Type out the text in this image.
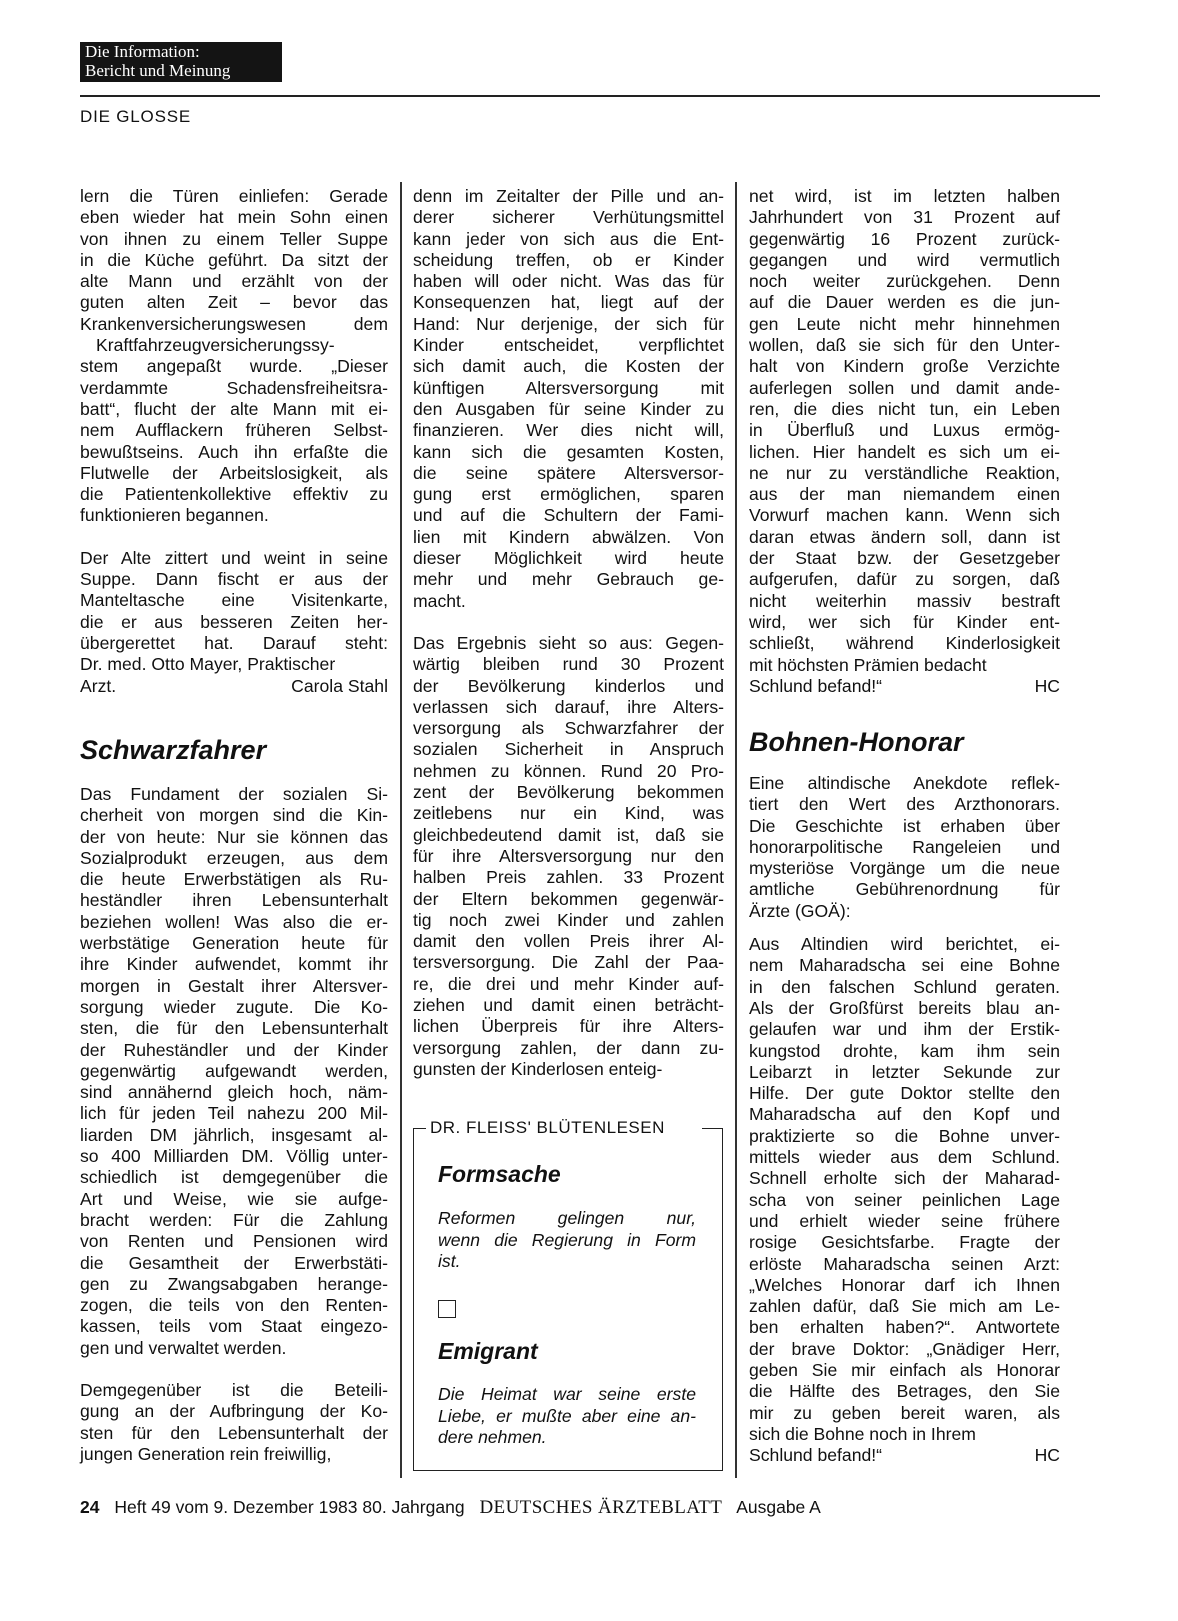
Die Information:
Bericht und Meinung
DIE GLOSSE
lern die Türen einliefen: Gerade
eben wieder hat mein Sohn einen
von ihnen zu einem Teller Suppe
in die Küche geführt. Da sitzt der
alte Mann und erzählt von der
guten alten Zeit – bevor das
Krankenversicherungswesen dem
Kraftfahrzeugversicherungssy-
stem angepaßt wurde. „Dieser
verdammte Schadensfreiheitsra-
batt“, flucht der alte Mann mit ei-
nem Aufflackern früheren Selbst-
bewußtseins. Auch ihn erfaßte die
Flutwelle der Arbeitslosigkeit, als
die Patientenkollektive effektiv zu
funktionieren begannen.
Der Alte zittert und weint in seine
Suppe. Dann fischt er aus der
Manteltasche eine Visitenkarte,
die er aus besseren Zeiten her-
übergerettet hat. Darauf steht:
Dr. med. Otto Mayer, Praktischer
Arzt.	Carola Stahl
Schwarzfahrer
Das Fundament der sozialen Si-
cherheit von morgen sind die Kin-
der von heute: Nur sie können das
Sozialprodukt erzeugen, aus dem
die heute Erwerbstätigen als Ru-
heständler ihren Lebensunterhalt
beziehen wollen! Was also die er-
werbstätige Generation heute für
ihre Kinder aufwendet, kommt ihr
morgen in Gestalt ihrer Altersver-
sorgung wieder zugute. Die Ko-
sten, die für den Lebensunterhalt
der Ruheständler und der Kinder
gegenwärtig aufgewandt werden,
sind annähernd gleich hoch, näm-
lich für jeden Teil nahezu 200 Mil-
liarden DM jährlich, insgesamt al-
so 400 Milliarden DM. Völlig unter-
schiedlich ist demgegenüber die
Art und Weise, wie sie aufge-
bracht werden: Für die Zahlung
von Renten und Pensionen wird
die Gesamtheit der Erwerbstäti-
gen zu Zwangsabgaben herange-
zogen, die teils von den Renten-
kassen, teils vom Staat eingezo-
gen und verwaltet werden.
Demgegenüber ist die Beteili-
gung an der Aufbringung der Ko-
sten für den Lebensunterhalt der
jungen Generation rein freiwillig,
denn im Zeitalter der Pille und an-
derer sicherer Verhütungsmittel
kann jeder von sich aus die Ent-
scheidung treffen, ob er Kinder
haben will oder nicht. Was das für
Konsequenzen hat, liegt auf der
Hand: Nur derjenige, der sich für
Kinder entscheidet, verpflichtet
sich damit auch, die Kosten der
künftigen Altersversorgung mit
den Ausgaben für seine Kinder zu
finanzieren. Wer dies nicht will,
kann sich die gesamten Kosten,
die seine spätere Altersversor-
gung erst ermöglichen, sparen
und auf die Schultern der Fami-
lien mit Kindern abwälzen. Von
dieser Möglichkeit wird heute
mehr und mehr Gebrauch ge-
macht.
Das Ergebnis sieht so aus: Gegen-
wärtig bleiben rund 30 Prozent
der Bevölkerung kinderlos und
verlassen sich darauf, ihre Alters-
versorgung als Schwarzfahrer der
sozialen Sicherheit in Anspruch
nehmen zu können. Rund 20 Pro-
zent der Bevölkerung bekommen
zeitlebens nur ein Kind, was
gleichbedeutend damit ist, daß sie
für ihre Altersversorgung nur den
halben Preis zahlen. 33 Prozent
der Eltern bekommen gegenwär-
tig noch zwei Kinder und zahlen
damit den vollen Preis ihrer Al-
tersversorgung. Die Zahl der Paa-
re, die drei und mehr Kinder auf-
ziehen und damit einen beträcht-
lichen Überpreis für ihre Alters-
versorgung zahlen, der dann zu-
gunsten der Kinderlosen enteig-
DR. FLEISS' BLÜTENLESEN
Formsache
Reformen gelingen nur,
wenn die Regierung in Form
ist.
Emigrant
Die Heimat war seine erste
Liebe, er mußte aber eine an-
dere nehmen.
net wird, ist im letzten halben
Jahrhundert von 31 Prozent auf
gegenwärtig 16 Prozent zurück-
gegangen und wird vermutlich
noch weiter zurückgehen. Denn
auf die Dauer werden es die jun-
gen Leute nicht mehr hinnehmen
wollen, daß sie sich für den Unter-
halt von Kindern große Verzichte
auferlegen sollen und damit ande-
ren, die dies nicht tun, ein Leben
in Überfluß und Luxus ermög-
lichen. Hier handelt es sich um ei-
ne nur zu verständliche Reaktion,
aus der man niemandem einen
Vorwurf machen kann. Wenn sich
daran etwas ändern soll, dann ist
der Staat bzw. der Gesetzgeber
aufgerufen, dafür zu sorgen, daß
nicht weiterhin massiv bestraft
wird, wer sich für Kinder ent-
schließt, während Kinderlosigkeit
mit höchsten Prämien bedacht
Schlund befand!“	HC
Bohnen-Honorar
Eine altindische Anekdote reflek-
tiert den Wert des Arzthonorars.
Die Geschichte ist erhaben über
honorarpolitische Rangeleien und
mysteriöse Vorgänge um die neue
amtliche Gebührenordnung für
Ärzte (GOÄ):
Aus Altindien wird berichtet, ei-
nem Maharadscha sei eine Bohne
in den falschen Schlund geraten.
Als der Großfürst bereits blau an-
gelaufen war und ihm der Erstik-
kungstod drohte, kam ihm sein
Leibarzt in letzter Sekunde zur
Hilfe. Der gute Doktor stellte den
Maharadscha auf den Kopf und
praktizierte so die Bohne unver-
mittels wieder aus dem Schlund.
Schnell erholte sich der Maharad-
scha von seiner peinlichen Lage
und erhielt wieder seine frühere
rosige Gesichtsfarbe. Fragte der
erlöste Maharadscha seinen Arzt:
„Welches Honorar darf ich Ihnen
zahlen dafür, daß Sie mich am Le-
ben erhalten haben?“. Antwortete
der brave Doktor: „Gnädiger Herr,
geben Sie mir einfach als Honorar
die Hälfte des Betrages, den Sie
mir zu geben bereit waren, als
sich die Bohne noch in Ihrem
Schlund befand!“	HC
24 Heft 49 vom 9. Dezember 1983 80. Jahrgang DEUTSCHES ÄRZTEBLATT Ausgabe A
